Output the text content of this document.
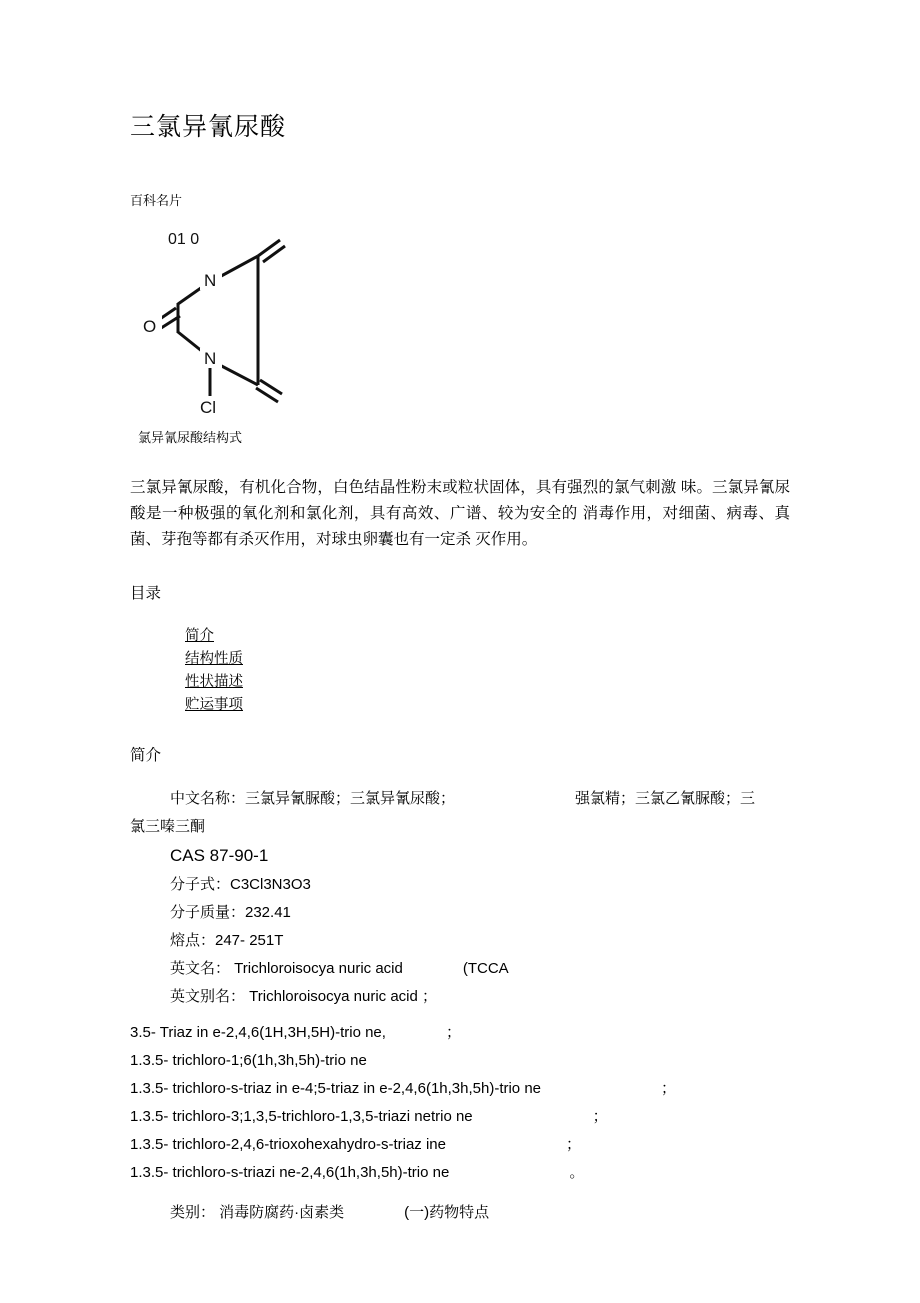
三氯异氰尿酸
百科名片
N
O
N
Cl
01 0
氯异氰尿酸结构式
三氯异氰尿酸，有机化合物，白色结晶性粉末或粒状固体，具有强烈的氯气刺激 味。三氯异氰尿酸是一种极强的氧化剂和氯化剂，具有高效、广谱、较为安全的 消毒作用，对细菌、病毒、真菌、芽孢等都有杀灭作用，对球虫卵囊也有一定杀 灭作用。
目录
简介
结构性质
性状描述
贮运事项
简介
中文名称：三氯异氰脲酸；三氯异氰尿酸；	强氯精；三氯乙氰脲酸；三
氯三嗪三酮
CAS 87-90-1
分子式：C3Cl3N3O3
分子质量：232.41
熔点：247- 251T
英文名： Trichloroisocya nuric acid	(TCCA
英文别名： Trichloroisocya nuric acid ；
3.5- Triaz in e-2,4,6(1H,3H,5H)-trio ne,	；
1.3.5- trichloro-1;6(1h,3h,5h)-trio ne
1.3.5- trichloro-s-triaz in e-4;5-triaz in e-2,4,6(1h,3h,5h)-trio ne	；
1.3.5- trichloro-3;1,3,5-trichloro-1,3,5-triazi netrio ne	；
1.3.5- trichloro-2,4,6-trioxohexahydro-s-triaz ine	；
1.3.5- trichloro-s-triazi ne-2,4,6(1h,3h,5h)-trio ne	。
类别： 消毒防腐药·卤素类	(一)药物特点
